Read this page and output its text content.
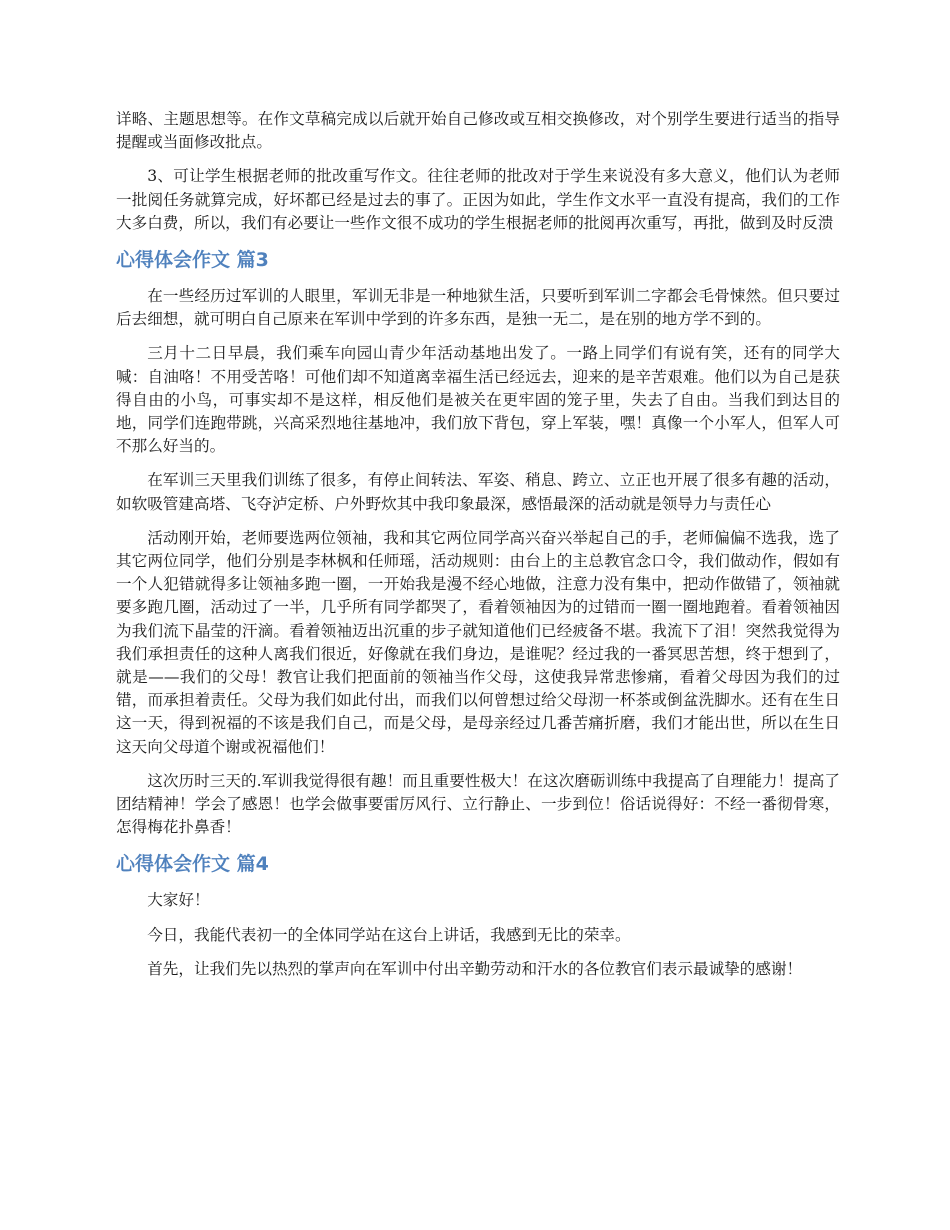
详略、主题思想等。在作文草稿完成以后就开始自己修改或互相交换修改，对个别学生要进行适当的指导提醒或当面修改批点。

3、可让学生根据老师的批改重写作文。往往老师的批改对于学生来说没有多大意义，他们认为老师一批阅任务就算完成，好坏都已经是过去的事了。正因为如此，学生作文水平一直没有提高，我们的工作大多白费，所以，我们有必要让一些作文很不成功的学生根据老师的批阅再次重写，再批，做到及时反溃

心得体会作文 篇3

在一些经历过军训的人眼里，军训无非是一种地狱生活，只要听到军训二字都会毛骨悚然。但只要过后去细想，就可明白自己原来在军训中学到的许多东西，是独一无二，是在别的地方学不到的。

三月十二日早晨，我们乘车向园山青少年活动基地出发了。一路上同学们有说有笑，还有的同学大喊：自油咯！不用受苦咯！可他们却不知道离幸福生活已经远去，迎来的是辛苦艰难。他们以为自己是获得自由的小鸟，可事实却不是这样，相反他们是被关在更牢固的笼子里，失去了自由。当我们到达目的地，同学们连跑带跳，兴高采烈地往基地冲，我们放下背包，穿上军装，嘿！真像一个小军人，但军人可不那么好当的。

在军训三天里我们训练了很多，有停止间转法、军姿、稍息、跨立、立正也开展了很多有趣的活动，如软吸管建高塔、飞夺泸定桥、户外野炊其中我印象最深，感悟最深的活动就是领导力与责任心

活动刚开始，老师要选两位领袖，我和其它两位同学高兴奋兴举起自己的手，老师偏偏不选我，选了其它两位同学，他们分别是李林枫和任师瑶，活动规则：由台上的主总教官念口令，我们做动作，假如有一个人犯错就得多让领袖多跑一圈，一开始我是漫不经心地做，注意力没有集中，把动作做错了，领袖就要多跑几圈，活动过了一半，几乎所有同学都哭了，看着领袖因为的过错而一圈一圈地跑着。看着领袖因为我们流下晶莹的汗滴。看着领袖迈出沉重的步子就知道他们已经疲备不堪。我流下了泪！突然我觉得为我们承担责任的这种人离我们很近，好像就在我们身边，是谁呢？经过我的一番冥思苦想，终于想到了，就是——我们的父母！教官让我们把面前的领袖当作父母，这使我异常悲惨痛，看着父母因为我们的过错，而承担着责任。父母为我们如此付出，而我们以何曾想过给父母沏一杯茶或倒盆洗脚水。还有在生日这一天，得到祝福的不该是我们自己，而是父母，是母亲经过几番苦痛折磨，我们才能出世，所以在生日这天向父母道个谢或祝福他们！

这次历时三天的.军训我觉得很有趣！而且重要性极大！在这次磨砺训练中我提高了自理能力！提高了团结精神！学会了感恩！也学会做事要雷厉风行、立行静止、一步到位！俗话说得好：不经一番彻骨寒，怎得梅花扑鼻香！

心得体会作文 篇4

大家好！

今日，我能代表初一的全体同学站在这台上讲话，我感到无比的荣幸。

首先，让我们先以热烈的掌声向在军训中付出辛勤劳动和汗水的各位教官们表示最诚挚的感谢！
